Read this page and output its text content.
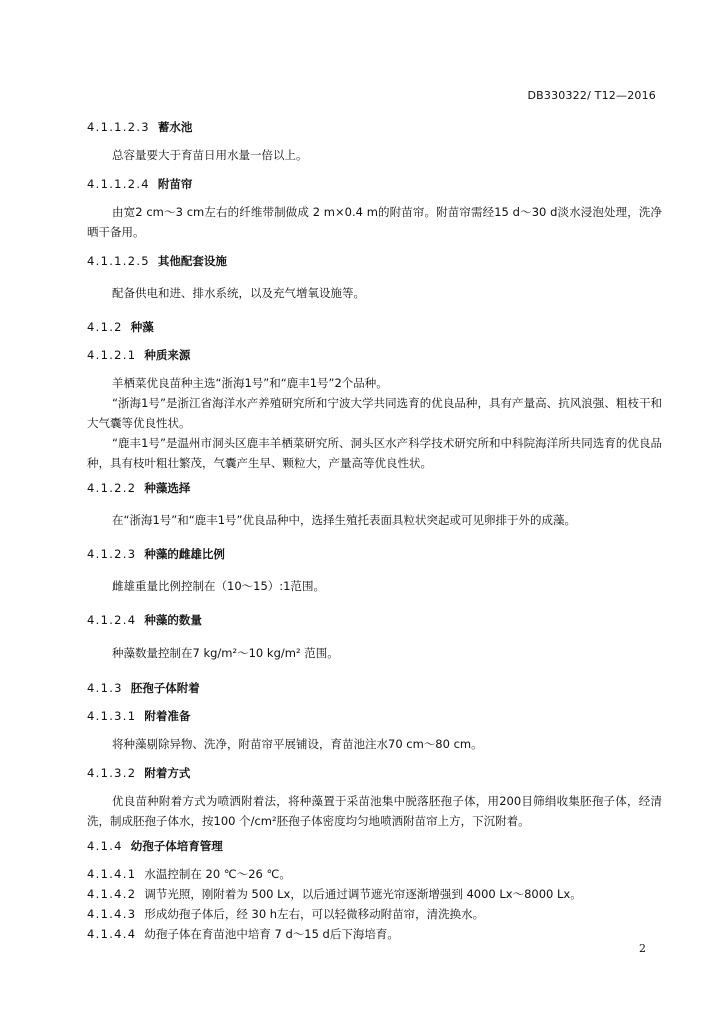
DB330322/ T12—2016
4.1.1.2.3 蓄水池
总容量要大于育苗日用水量一倍以上。
4.1.1.2.4 附苗帘
由宽2 cm～3 cm左右的纤维带制做成 2 m×0.4 m的附苗帘。附苗帘需经15 d～30 d淡水浸泡处理，洗净晒干备用。
4.1.1.2.5 其他配套设施
配备供电和进、排水系统，以及充气增氧设施等。
4.1.2 种藻
4.1.2.1 种质来源
羊栖菜优良苗种主选“浙海1号”和“鹿丰1号”2个品种。
“浙海1号”是浙江省海洋水产养殖研究所和宁波大学共同选育的优良品种，具有产量高、抗风浪强、粗枝干和大气囊等优良性状。
“鹿丰1号”是温州市洞头区鹿丰羊栖菜研究所、洞头区水产科学技术研究所和中科院海洋所共同选育的优良品种，具有枝叶粗壮繁茂，气囊产生早、颗粒大，产量高等优良性状。
4.1.2.2 种藻选择
在“浙海1号”和“鹿丰1号”优良品种中，选择生殖托表面具粒状突起或可见卵排于外的成藻。
4.1.2.3 种藻的雌雄比例
雌雄重量比例控制在（10～15）:1范围。
4.1.2.4 种藻的数量
种藻数量控制在7 kg/m²～10 kg/m² 范围。
4.1.3 胚孢子体附着
4.1.3.1 附着准备
将种藻剔除异物、洗净，附苗帘平展铺设，育苗池注水70 cm～80 cm。
4.1.3.2 附着方式
优良苗种附着方式为喷洒附着法，将种藻置于采苗池集中脱落胚孢子体，用200目筛绢收集胚孢子体，经清洗，制成胚孢子体水，按100 个/cm²胚孢子体密度均匀地喷洒附苗帘上方，下沉附着。
4.1.4 幼孢子体培育管理
4.1.4.1 水温控制在 20 ℃～26 ℃。
4.1.4.2 调节光照，刚附着为 500 Lx，以后通过调节遮光帘逐渐增强到 4000 Lx～8000 Lx。
4.1.4.3 形成幼孢子体后，经 30 h左右，可以轻微移动附苗帘，清洗换水。
4.1.4.4 幼孢子体在育苗池中培育 7 d～15 d后下海培育。
2
